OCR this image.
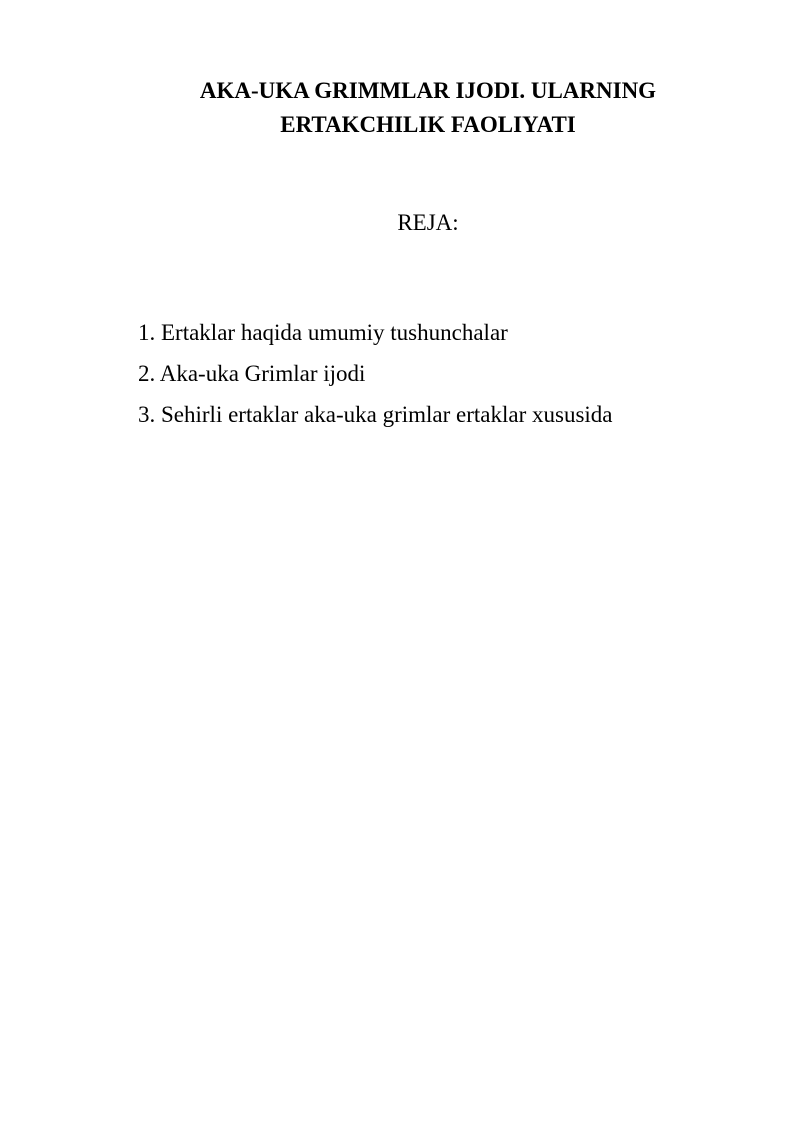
AKA-UKA GRIMMLAR IJODI. ULARNING
ERTAKCHILIK FAOLIYATI

REJA:

1. Ertaklar haqida umumiy tushunchalar
2. Aka-uka Grimlar ijodi
3. Sehirli ertaklar aka-uka grimlar ertaklar xususida
